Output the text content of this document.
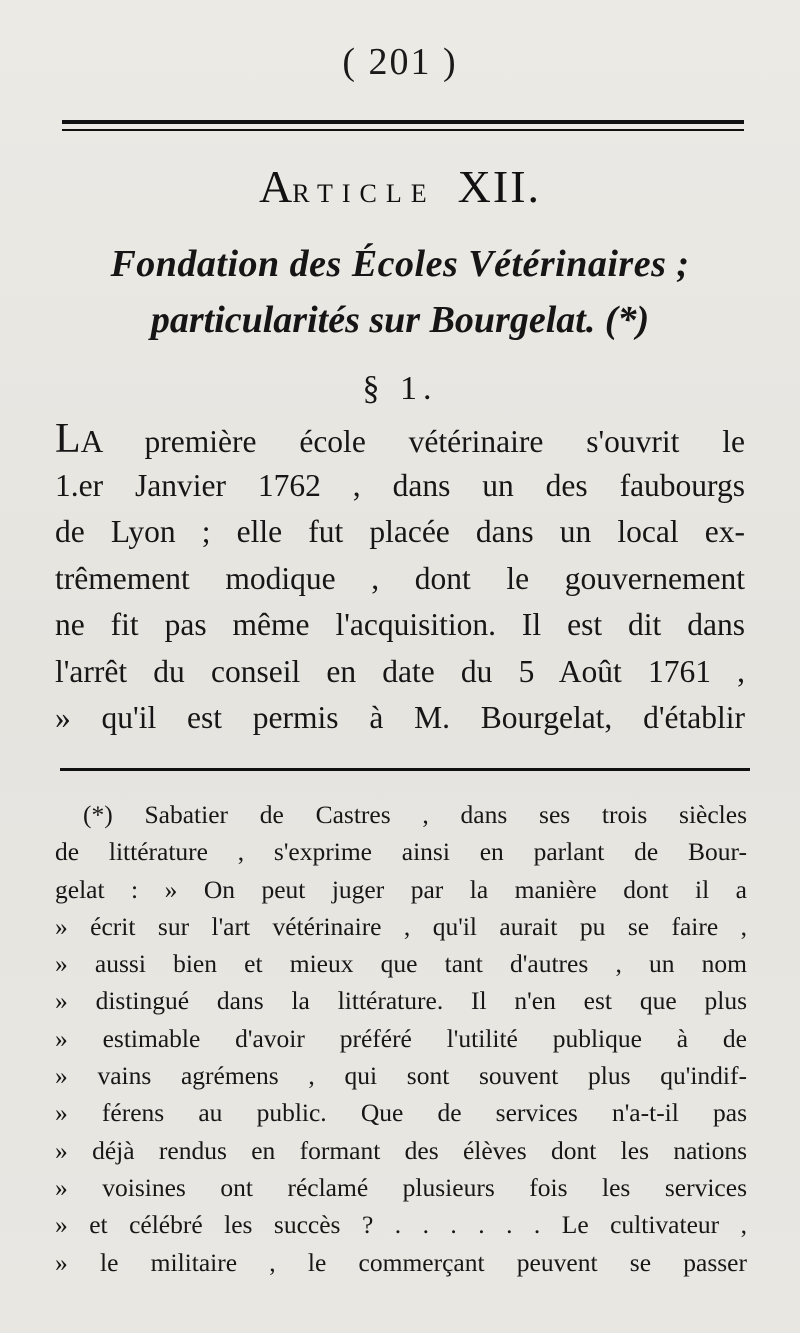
( 201 )
ARTICLE XII.
Fondation des Écoles Vétérinaires ;
particularités sur Bourgelat. (*)
§ 1.
LA première école vétérinaire s'ouvrit le
1.er Janvier 1762 , dans un des faubourgs
de Lyon ; elle fut placée dans un local ex-
trêmement modique , dont le gouvernement
ne fit pas même l'acquisition. Il est dit dans
l'arrêt du conseil en date du 5 Août 1761 ,
» qu'il est permis à M. Bourgelat, d'établir
(*) Sabatier de Castres , dans ses trois siècles
de littérature , s'exprime ainsi en parlant de Bour-
gelat : » On peut juger par la manière dont il a
» écrit sur l'art vétérinaire , qu'il aurait pu se faire ,
» aussi bien et mieux que tant d'autres , un nom
» distingué dans la littérature. Il n'en est que plus
» estimable d'avoir préféré l'utilité publique à de
» vains agrémens , qui sont souvent plus qu'indif-
» férens au public. Que de services n'a-t-il pas
» déjà rendus en formant des élèves dont les nations
» voisines ont réclamé plusieurs fois les services
» et célébré les succès ? . . . . . . Le cultivateur ,
» le militaire , le commerçant peuvent se passer
